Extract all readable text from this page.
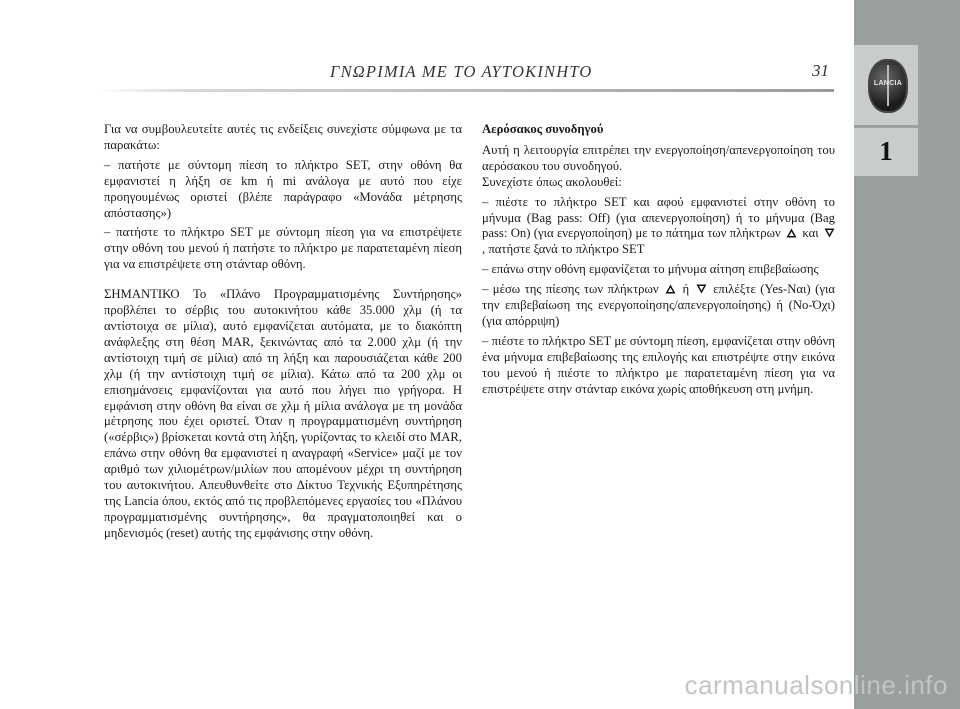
ΓΝΩΡΙΜΙΑ ΜΕ ΤΟ ΑΥΤΟΚΙΝΗΤΟ	31
LANCIA
1

Για να συμβουλευτείτε αυτές τις ενδείξεις συνεχίστε σύμφωνα με τα παρακάτω:

– πατήστε με σύντομη πίεση το πλήκτρο SET, στην οθόνη θα εμφανιστεί η λήξη σε km ή mi ανάλογα με αυτό που είχε προηγουμένως οριστεί (βλέπε παράγραφο «Μονάδα μέτρησης απόστασης»)

– πατήστε το πλήκτρο SET με σύντομη πίεση για να επιστρέψετε στην οθόνη του μενού ή πατήστε το πλήκτρο με παρατεταμένη πίεση για να επιστρέψετε στη στάνταρ οθόνη.

ΣΗΜΑΝΤΙΚΟ Το «Πλάνο Προγραμματισμένης Συντήρησης» προβλέπει το σέρβις του αυτοκινήτου κάθε 35.000 χλμ (ή τα αντίστοιχα σε μίλια), αυτό εμφανίζεται αυτόματα, με το διακόπτη ανάφλεξης στη θέση MAR, ξεκινώντας από τα 2.000 χλμ (ή την αντίστοιχη τιμή σε μίλια) από τη λήξη και παρουσιάζεται κάθε 200 χλμ (ή την αντίστοιχη τιμή σε μίλια). Κάτω από τα 200 χλμ οι επισημάνσεις εμφανίζονται για αυτό που λήγει πιο γρήγορα. Η εμφάνιση στην οθόνη θα είναι σε χλμ ή μίλια ανάλογα με τη μονάδα μέτρησης που έχει οριστεί. Όταν η προγραμματισμένη συντήρηση («σέρβις») βρίσκεται κοντά στη λήξη, γυρίζοντας το κλειδί στο MAR, επάνω στην οθόνη θα εμφανιστεί η αναγραφή «Service» μαζί με τον αριθμό των χιλιομέτρων/μιλίων που απομένουν μέχρι τη συντήρηση του αυτοκινήτου. Απευθυνθείτε στο Δίκτυο Τεχνικής Εξυπηρέτησης της Lancia όπου, εκτός από τις προβλεπόμενες εργασίες του «Πλάνου προγραμματισμένης συντήρησης», θα πραγματοποιηθεί και ο μηδενισμός (reset) αυτής της εμφάνισης στην οθόνη.

Αερόσακος συνοδηγού

Αυτή η λειτουργία επιτρέπει την ενεργοποίηση/απενεργοποίηση του αερόσακου του συνοδηγού.

Συνεχίστε όπως ακολουθεί:

– πιέστε το πλήκτρο SET και αφού εμφανιστεί στην οθόνη το μήνυμα (Bag pass: Off) (για απενεργοποίηση) ή το μήνυμα (Bag pass: On) (για ενεργοποίηση) με το πάτημα των πλήκτρων και , πατήστε ξανά το πλήκτρο SET

– επάνω στην οθόνη εμφανίζεται το μήνυμα αίτηση επιβεβαίωσης

– μέσω της πίεσης των πλήκτρων ή επιλέξτε (Yes-Ναι) (για την επιβεβαίωση της ενεργοποίησης/απενεργοποίησης) ή (No-Όχι) (για απόρριψη)

– πιέστε το πλήκτρο SET με σύντομη πίεση, εμφανίζεται στην οθόνη ένα μήνυμα επιβεβαίωσης της επιλογής και επιστρέψτε στην εικόνα του μενού ή πιέστε το πλήκτρο με παρατεταμένη πίεση για να επιστρέψετε στην στάνταρ εικόνα χωρίς αποθήκευση στη μνήμη.

carmanualsonline.info
